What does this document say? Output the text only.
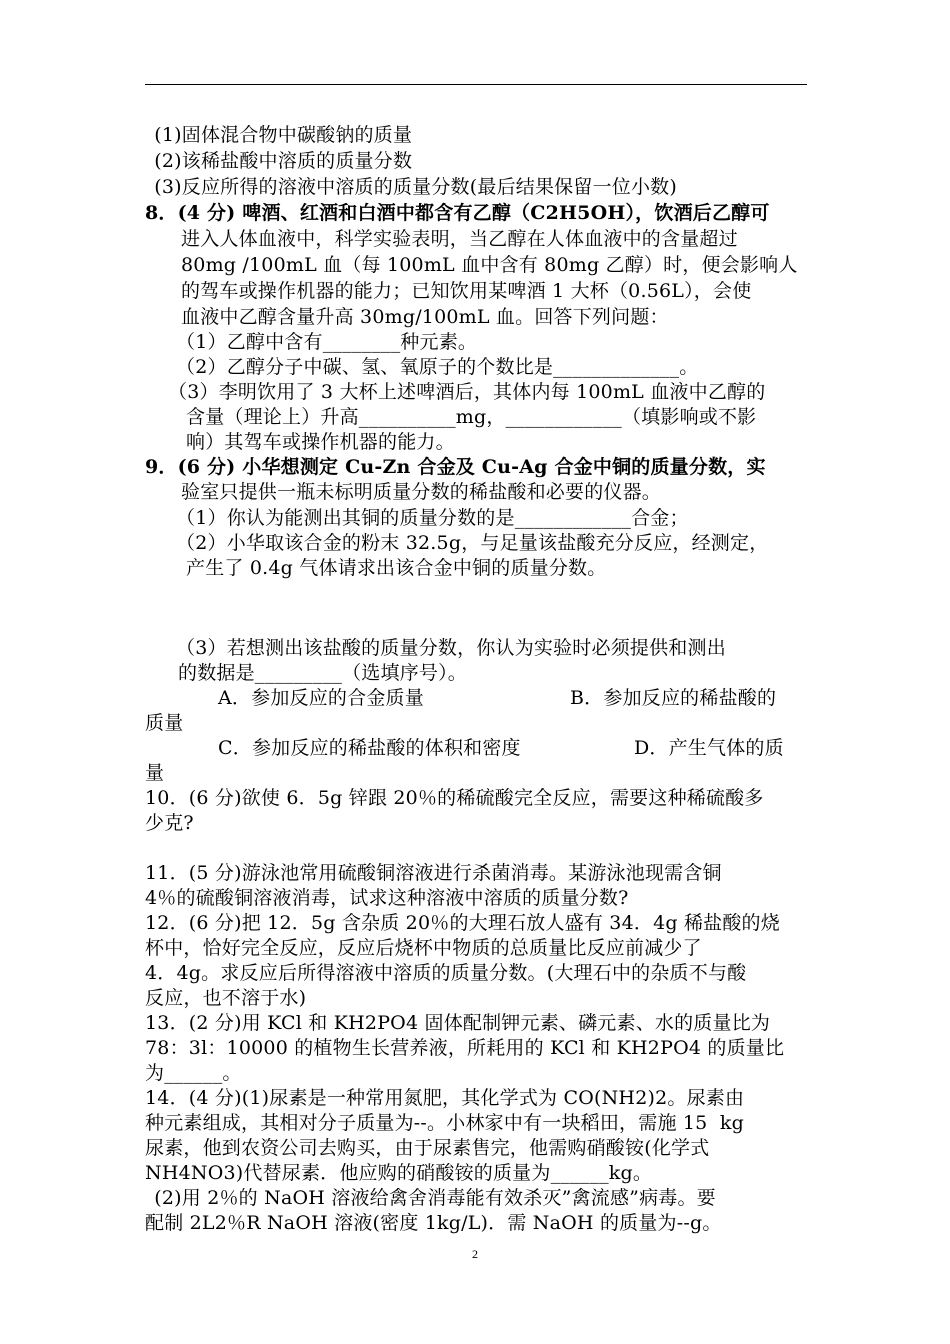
(1)固体混合物中碳酸钠的质量
(2)该稀盐酸中溶质的质量分数
(3)反应所得的溶液中溶质的质量分数(最后结果保留一位小数)
8．(4 分) 啤酒、红酒和白酒中都含有乙醇（C2H5OH），饮酒后乙醇可
进入人体血液中，科学实验表明，当乙醇在人体血液中的含量超过
80mg /100mL 血（每 100mL 血中含有 80mg 乙醇）时，便会影响人
的驾车或操作机器的能力；已知饮用某啤酒 1 大杯（0.56L），会使
血液中乙醇含量升高 30mg/100mL 血。回答下列问题：
（1）乙醇中含有________种元素。
（2）乙醇分子中碳、氢、氧原子的个数比是_____________。
（3）李明饮用了 3 大杯上述啤酒后，其体内每 100mL 血液中乙醇的
含量（理论上）升高__________mg，____________（填影响或不影
响）其驾车或操作机器的能力。
9．(6 分) 小华想测定 Cu-Zn 合金及 Cu-Ag 合金中铜的质量分数，实
验室只提供一瓶未标明质量分数的稀盐酸和必要的仪器。
（1）你认为能测出其铜的质量分数的是____________合金；
（2）小华取该合金的粉末 32.5g，与足量该盐酸充分反应，经测定，
产生了 0.4g 气体请求出该合金中铜的质量分数。
（3）若想测出该盐酸的质量分数，你认为实验时必须提供和测出
的数据是_________（选填序号）。
A．参加反应的合金质量	B．参加反应的稀盐酸的
质量
C．参加反应的稀盐酸的体积和密度	D．产生气体的质
量
10．(6 分)欲使 6．5g 锌跟 20％的稀硫酸完全反应，需要这种稀硫酸多
少克?
11．(5 分)游泳池常用硫酸铜溶液进行杀菌消毒。某游泳池现需含铜
4％的硫酸铜溶液消毒，试求这种溶液中溶质的质量分数?
12．(6 分)把 12．5g 含杂质 20％的大理石放人盛有 34．4g 稀盐酸的烧
杯中，恰好完全反应，反应后烧杯中物质的总质量比反应前减少了
4．4g。求反应后所得溶液中溶质的质量分数。(大理石中的杂质不与酸
反应，也不溶于水)
13．(2 分)用 KCl 和 KH2PO4 固体配制钾元素、磷元素、水的质量比为
78：3l：10000 的植物生长营养液，所耗用的 KCl 和 KH2PO4 的质量比
为______。
14．(4 分)(1)尿素是一种常用氮肥，其化学式为 CO(NH2)2。尿素由
种元素组成，其相对分子质量为--。小林家中有一块稻田，需施 15  kg
尿素，他到农资公司去购买，由于尿素售完，他需购硝酸铵(化学式
NH4NO3)代替尿素．他应购的硝酸铵的质量为______kg。
(2)用 2％的 NaOH 溶液给禽舍消毒能有效杀灭”禽流感”病毒。要
配制 2L2％R NaOH 溶液(密度 1kg/L)．需 NaOH 的质量为--g。
2
